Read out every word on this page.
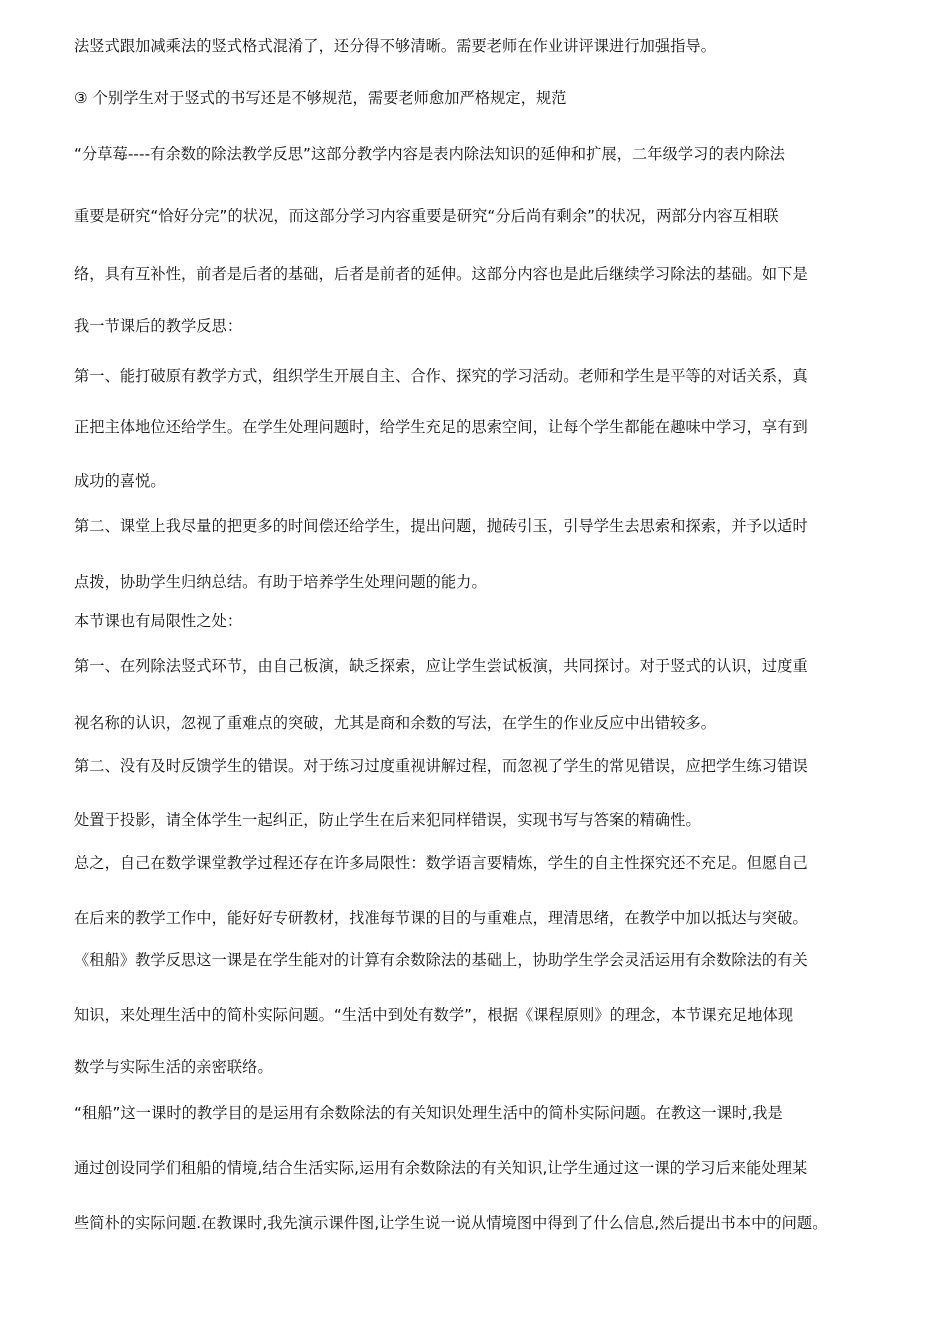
法竖式跟加减乘法的竖式格式混淆了，还分得不够清晰。需要老师在作业讲评课进行加强指导。
③ 个别学生对于竖式的书写还是不够规范，需要老师愈加严格规定，规范
“分草莓----有余数的除法教学反思”这部分教学内容是表内除法知识的延伸和扩展，二年级学习的表内除法
重要是研究“恰好分完”的状况，而这部分学习内容重要是研究“分后尚有剩余”的状况，两部分内容互相联
络，具有互补性，前者是后者的基础，后者是前者的延伸。这部分内容也是此后继续学习除法的基础。如下是
我一节课后的教学反思：
第一、能打破原有教学方式，组织学生开展自主、合作、探究的学习活动。老师和学生是平等的对话关系，真
正把主体地位还给学生。在学生处理问题时，给学生充足的思索空间，让每个学生都能在趣味中学习，享有到
成功的喜悦。
第二、课堂上我尽量的把更多的时间偿还给学生，提出问题，抛砖引玉，引导学生去思索和探索，并予以适时
点拨，协助学生归纳总结。有助于培养学生处理问题的能力。
本节课也有局限性之处：
第一、在列除法竖式环节，由自己板演，缺乏探索，应让学生尝试板演，共同探讨。对于竖式的认识，过度重
视名称的认识，忽视了重难点的突破，尤其是商和余数的写法，在学生的作业反应中出错较多。
第二、没有及时反馈学生的错误。对于练习过度重视讲解过程，而忽视了学生的常见错误，应把学生练习错误
处置于投影，请全体学生一起纠正，防止学生在后来犯同样错误，实现书写与答案的精确性。
总之，自己在数学课堂教学过程还存在许多局限性：数学语言要精炼，学生的自主性探究还不充足。但愿自己
在后来的教学工作中，能好好专研教材，找准每节课的目的与重难点，理清思绪，在教学中加以抵达与突破。
《租船》教学反思这一课是在学生能对的计算有余数除法的基础上，协助学生学会灵活运用有余数除法的有关
知识，来处理生活中的简朴实际问题。“生活中到处有数学”，根据《课程原则》的理念，本节课充足地体现
数学与实际生活的亲密联络。
“租船”这一课时的教学目的是运用有余数除法的有关知识处理生活中的简朴实际问题。在教这一课时,我是
通过创设同学们租船的情境,结合生活实际,运用有余数除法的有关知识,让学生通过这一课的学习后来能处理某
些简朴的实际问题.在教课时,我先演示课件图,让学生说一说从情境图中得到了什么信息,然后提出书本中的问题。
